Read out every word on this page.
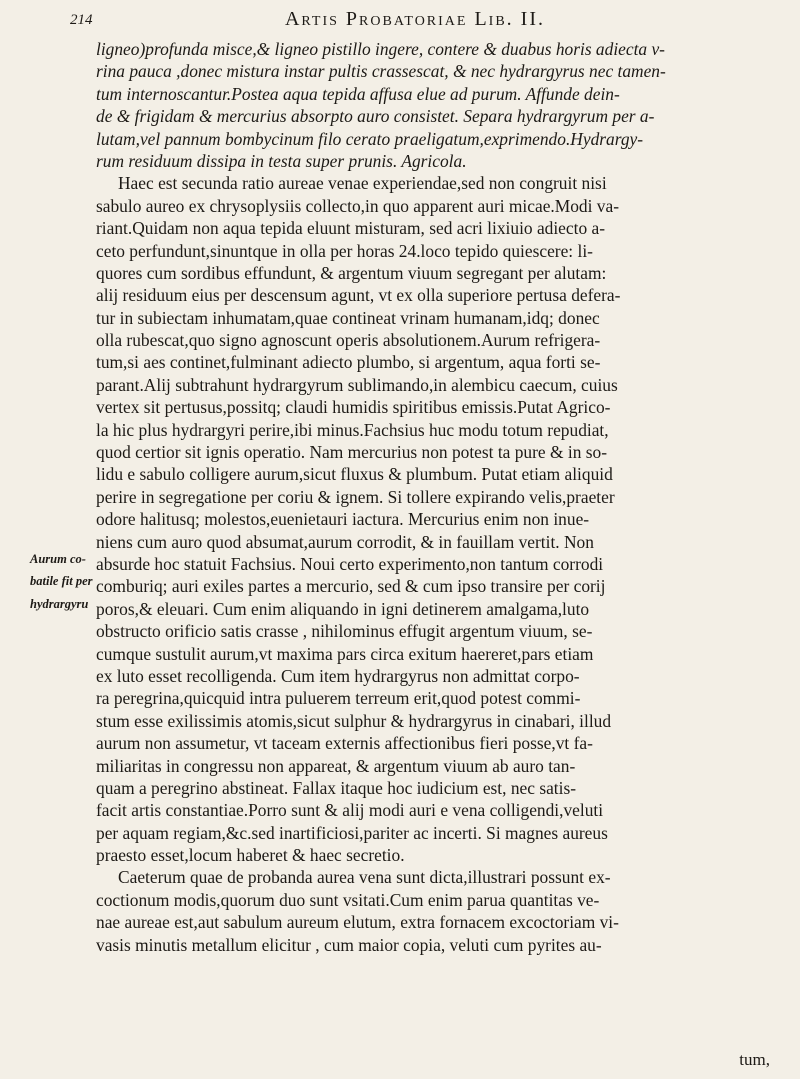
214	Artis Probatoriae Lib. II.
Aurum co-
batile fit per
hydrargyru
ligneo)profunda misce,& ligneo pistillo ingere, contere & duabus horis adiecta v-
rina pauca ,donec mistura instar pultis crassescat, & nec hydrargyrus nec tamen-
tum internoscantur.Postea aqua tepida affusa elue ad purum. Affunde dein-
de & frigidam & mercurius absorpto auro consistet. Separa hydrargyrum per a-
lutam,vel pannum bombycinum filo cerato praeligatum,exprimendo.Hydrargy-
rum residuum dissipa in testa super prunis. Agricola.
Haec est secunda ratio aureae venae experiendae,sed non congruit nisi
sabulo aureo ex chrysoplysiis collecto,in quo apparent auri micae.Modi va-
riant.Quidam non aqua tepida eluunt misturam, sed acri lixiuio adiecto a-
ceto perfundunt,sinuntque in olla per horas 24.loco tepido quiescere: li-
quores cum sordibus effundunt, & argentum viuum segregant per alutam:
alij residuum eius per descensum agunt, vt ex olla superiore pertusa defera-
tur in subiectam inhumatam,quae contineat vrinam humanam,idq; donec
olla rubescat,quo signo agnoscunt operis absolutionem.Aurum refrigera-
tum,si aes continet,fulminant adiecto plumbo, si argentum, aqua forti se-
parant.Alij subtrahunt hydrargyrum sublimando,in alembicu caecum, cuius
vertex sit pertusus,possitq; claudi humidis spiritibus emissis.Putat Agrico-
la hic plus hydrargyri perire,ibi minus.Fachsius huc modu totum repudiat,
quod certior sit ignis operatio. Nam mercurius non potest ta pure & in so-
lidu e sabulo colligere aurum,sicut fluxus & plumbum. Putat etiam aliquid
perire in segregatione per coriu & ignem. Si tollere expirando velis,praeter
odore halitusq; molestos,euenietauri iactura. Mercurius enim non inue-
niens cum auro quod absumat,aurum corrodit, & in fauillam vertit. Non
absurde hoc statuit Fachsius. Noui certo experimento,non tantum corrodi
comburiq; auri exiles partes a mercurio, sed & cum ipso transire per corij
poros,& eleuari. Cum enim aliquando in igni detinerem amalgama,luto
obstructo orificio satis crasse , nihilominus effugit argentum viuum, se-
cumque sustulit aurum,vt maxima pars circa exitum haereret,pars etiam
ex luto esset recolligenda. Cum item hydrargyrus non admittat corpo-
ra peregrina,quicquid intra puluerem terreum erit,quod potest commi-
stum esse exilissimis atomis,sicut sulphur & hydrargyrus in cinabari, illud
aurum non assumetur, vt taceam externis affectionibus fieri posse,vt fa-
miliaritas in congressu non appareat, & argentum viuum ab auro tan-
quam a peregrino abstineat. Fallax itaque hoc iudicium est, nec satis-
facit artis constantiae.Porro sunt & alij modi auri e vena colligendi,veluti
per aquam regiam,&c.sed inartificiosi,pariter ac incerti. Si magnes aureus
praesto esset,locum haberet & haec secretio.
Caeterum quae de probanda aurea vena sunt dicta,illustrari possunt ex-
coctionum modis,quorum duo sunt vsitati.Cum enim parua quantitas ve-
nae aureae est,aut sabulum aureum elutum, extra fornacem excoctoriam vi-
vasis minutis metallum elicitur , cum maior copia, veluti cum pyrites au-
tum,
